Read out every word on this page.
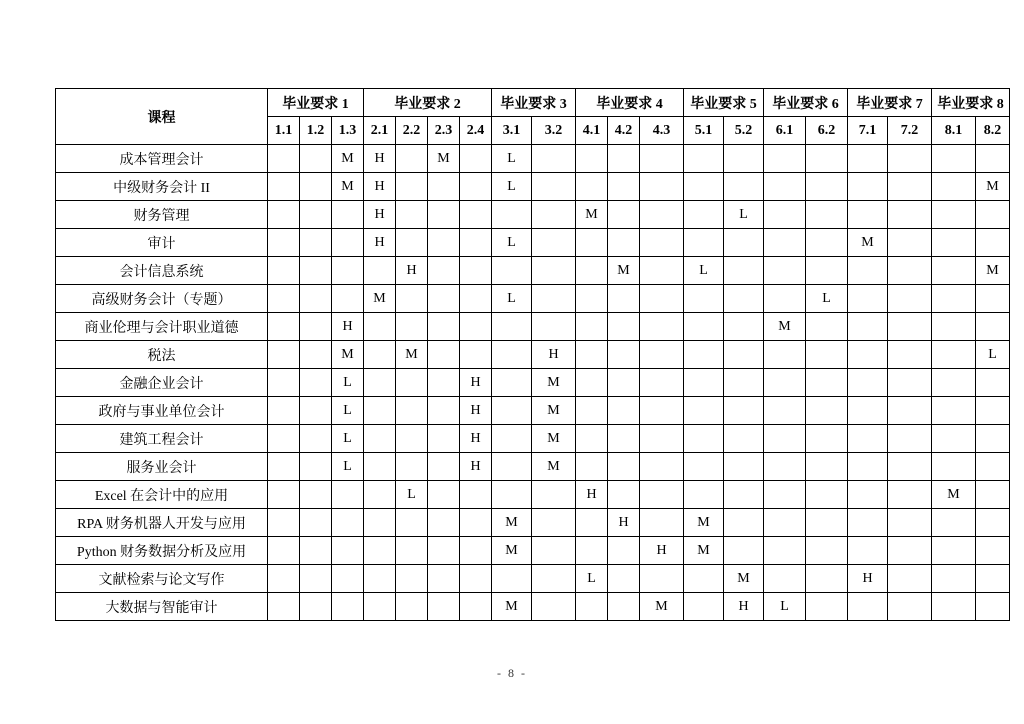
课程	毕业要求 1			毕业要求 2				毕业要求 3		毕业要求 4			毕业要求 5		毕业要求 6		毕业要求 7		毕业要求 8	
	1.1	1.2	1.3	2.1	2.2	2.3	2.4	3.1	3.2	4.1	4.2	4.3	5.1	5.2	6.1	6.2	7.1	7.2	8.1	8.2
成本管理会计			M	H		M		L												
中级财务会计 II			M	H				L												M
财务管理				H						M				L						
审计				H				L									M			
会计信息系统					H						M		L							M
高级财务会计（专题）				M				L								L				
商业伦理与会计职业道德			H												M					
税法			M		M				H											L
金融企业会计			L				H		M											
政府与事业单位会计			L				H		M											
建筑工程会计			L				H		M											
服务业会计			L				H		M											
Excel 在会计中的应用					L					H									M	
RPA 财务机器人开发与应用								M			H		M							
Python 财务数据分析及应用								M				H	M							
文献检索与论文写作										L				M			H			
大数据与智能审计								M				M		H	L					
- 8 -
